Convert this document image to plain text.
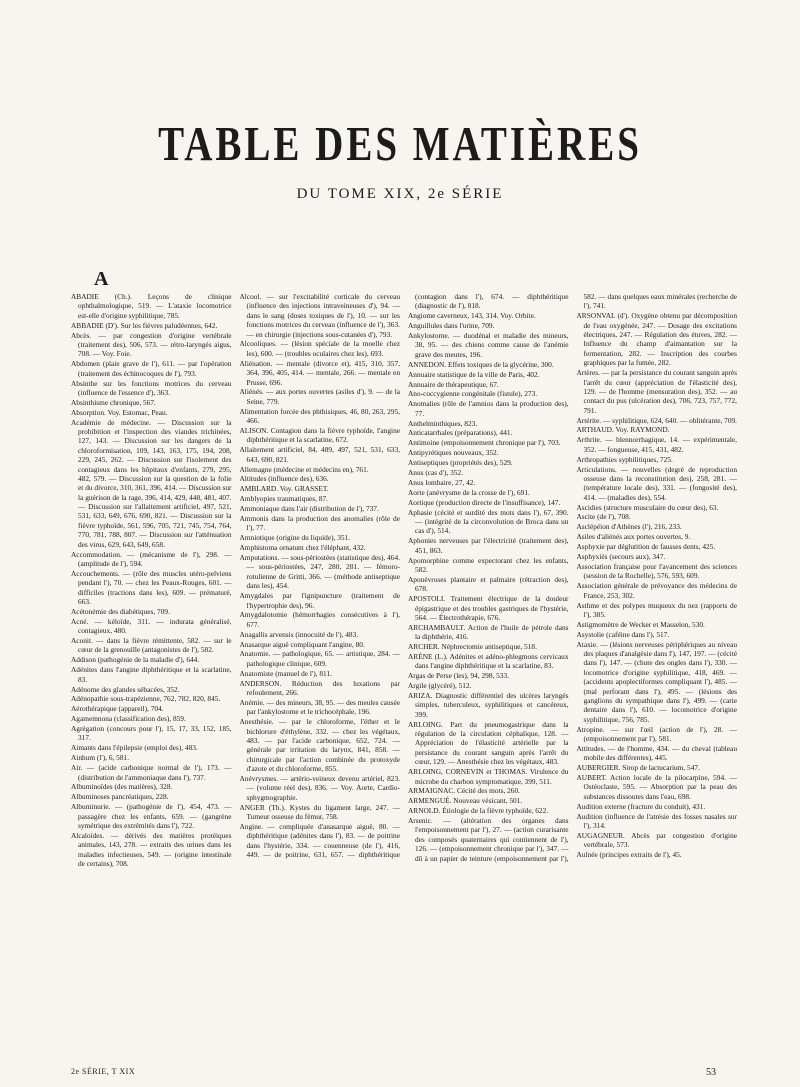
TABLE DES MATIÈRES
DU TOME XIX, 2e SÉRIE
A
ABADIE (Ch.). Leçons de clinique ophthalmologique, 519. — L'ataxie locomotrice est-elle d'origine syphilitique, 785.
ABBADIE (D'). Sur les fièvres paludéennes, 642.
Abcès. — par congestion d'origine vertébrale (traitement des), 506, 573. — rétro-laryngés aigus, 708. — Voy. Foie.
Abdomen (plaie grave de l'), 611. — par l'opération (traitement des échinocoques de l'), 793.
Absinthe sur les fonctions motrices du cerveau (influence de l'essence d'), 363.
Absinthisme chronique, 567.
Absorption. Voy. Estomac, Peau.
Académie de médecine. — Discussion sur la prohibition et l'inspection des viandes trichinées, 127, 143. — Discussion sur les dangers de la chloroformisation, 109, 143, 163, 175, 194, 208, 229, 245, 262. — Discussion sur l'isolement des contagieux dans les hôpitaux d'enfants, 279, 295, 482, 579. — Discussion sur la question de la folie et du divorce, 310, 361, 396, 414. — Discussion sur la guérison de la rage, 396, 414, 429, 448, 481, 407. — Discussion sur l'allaitement artificiel, 497, 521, 531, 633, 649, 676, 690, 821. — Discussion sur la fièvre typhoïde, 561, 596, 705, 721, 745, 754, 764, 770, 781, 788, 807. — Discussion sur l'atténuation des virus, 629, 643, 649, 658.
Accommodation. — (mécanisme de l'), 298. — (amplitude de l'), 594.
Accouchements. — (rôle des muscles utéro-pelviens pendant l'), 70. — chez les Peaux-Rouges, 601. — difficiles (tractions dans les), 609. — prématuré, 663.
Acétonémie des diabétiques, 709.
Acné. — kéloïde, 311. — indurata généralisé, contagieux, 480.
Aconit. — dans la fièvre rémittente, 582. — sur le cœur de la grenouille (antagonistes de l'), 582.
Addison (pathogénie de la maladie d'), 644.
Adénites dans l'angine diphthéritique et la scarlatine, 83.
Adénome des glandes sébacées, 352.
Adénopathie sous-trapézienne, 762, 782, 820, 845.
Aérothérapique (appareil), 704.
Agamemnona (classification des), 859.
Agrégation (concours pour l'), 15, 17, 33, 152, 185, 317.
Aimants dans l'épilepsie (emploi des), 483.
Ainhum (l'), 6, 581.
Air. — (acide carbonique normal de l'), 173. — (distribution de l'ammoniaque dans l'), 737.
Albuminoïdes (des matières), 328.
Albuminoses pancréatiques, 228.
Albuminurie. — (pathogénie de l'), 454, 473. — passagère chez les enfants, 659. — (gangrène symétrique des extrémités dans l'), 722.
Alcaloïdes. — dérivés des matières protéiques animales, 143, 278. — extraits des urines dans les maladies infectieuses, 549. — (origine intestinale de certains), 708.
Alcool. — sur l'excitabilité corticale du cerveau (influence des injections intraveineuses d'), 94. — dans le sang (doses toxiques de l'), 10. — sur les fonctions motrices du cerveau (influence de l'), 363. — en chirurgie (injections sous-cutanées d'), 793.
Alcooliques. — (lésion spéciale de la moelle chez les), 600. — (troubles oculaires chez les), 693.
Aliénation. — mentale (divorce et), 415, 310, 357, 364, 396, 405, 414. — mentale, 266. — mentale en Prusse, 696.
Aliénés. — aux portes ouvertes (asiles d'), 9. — de la Seine, 779.
Alimentation forcée des phthisiques, 46, 80, 263, 295, 466.
ALISON. Contagion dans la fièvre typhoïde, l'angine diphthéritique et la scarlatine, 672.
Allaitement artificiel, 84, 489, 497, 521, 531, 633, 643, 690, 821.
Allemagne (médecine et médecins en), 761.
Altitudes (influence des), 636.
AMBLARD. Voy. GRASSET.
Amblyopies traumatiques, 87.
Ammoniaque dans l'air (distribution de l'), 737.
Ammonis dans la production des anomalies (rôle de l'), 77.
Amniotique (origine du liquide), 351.
Amphistoma ornatum chez l'éléphant, 432.
Amputations. — sous-périostées (statistique des), 464. — sous-périostées, 247, 280, 281. — fémoro-rotulienne de Gritti, 366. — (méthode antiseptique dans les), 454.
Amygdales par l'ignipuncture (traitement de l'hypertrophie des), 96.
Amygdalotomie (hémorrhagies consécutives à l'), 677.
Anagallis arvensis (innocuité de l'), 483.
Anasarque aiguë compliquant l'angine, 80.
Anatomie. — pathologique, 65. — artistique, 284. — pathologique clinique, 609.
Anatomiste (manuel de l'), 811.
ANDERSON. Réduction des luxations par refoulement, 266.
Anémie. — des mineurs, 38, 95. — des meules causée par l'ankylostome et le trichocéphale, 196.
Anesthésie. — par le chloroforme, l'éther et le bichlorure d'éthylène, 332. — chez les végétaux, 483. — par l'acide carbonique, 652, 724. — générale par irritation du larynx, 841, 858. — chirurgicale par l'action combinée du protoxyde d'azote et du chloroforme, 855.
Anévrysmes. — artério-veineux devenu artériel, 823. — (volume réel des), 836. — Voy. Aorte, Cardio-sphygmographie.
ANGER (Th.). Kystes du ligament large, 247. — Tumeur osseuse du fémur, 758.
Angine. — compliquée d'anasarque aiguë, 80. — diphthéritique (adénites dans l'), 83. — de poitrine dans l'hystérie, 334. — couenneuse (de l'), 416, 449. — de poitrine, 631, 657. — diphthéritique (contagion dans l'), 674. — diphthéritique (diagnostic de l'), 818.
Angiome caverneux, 143, 314. Voy. Orbite.
Anguillules dans l'urine, 709.
Ankylostome. — duodénal et maladie des mineurs, 38, 95. — des chiens comme cause de l'anémie grave des meutes, 196.
ANNEDON. Effets toxiques de la glycérine, 300.
Annuaire statistique de la ville de Paris, 402.
Annuaire de thérapeutique, 67.
Ano-coccygienne congénitale (fistule), 273.
Anomalies (rôle de l'amnios dans la production des), 77.
Anthelminthiques, 823.
Anticatarrhales (préparations), 441.
Antimoine (empoisonnement chronique par l'), 703.
Antipyrétiques nouveaux, 352.
Antiseptiques (propriétés des), 529.
Anus (cas d'), 352.
Anus lombaire, 27, 42.
Aorte (anévrysme de la crosse de l'), 691.
Aortique (production directe de l'insuffisance), 147.
Aphasie (cécité et surdité des mots dans l'), 67, 390. — (intégrité de la circonvolution de Broca dans un cas d'), 514.
Aphonies nerveuses par l'électricité (traitement des), 451, 863.
Apomorphine comme expectorant chez les enfants, 582.
Aponévroses plantaire et palmaire (rétraction des), 678.
APOSTOLI. Traitement électrique de la douleur épigastrique et des troubles gastriques de l'hystérie, 564. — Électrothérapie, 676.
ARCHAMBAULT. Action de l'huile de pétrole dans la diphthérie, 416.
ARCHER. Néphrectomie antiseptique, 518.
ARÈNE (L.). Adénites et adéno-phlegmons cervicaux dans l'angine diphthéritique et la scarlatine, 83.
Argas de Perse (les), 94, 298, 533.
Argile (glycéré), 512.
ARIZA. Diagnostic différentiel des ulcères laryngés simples, tuberculeux, syphilitiques et cancéreux, 399.
ARLOING. Part du pneumogastrique dans la régulation de la circulation céphalique, 128. — Appréciation de l'élasticité artérielle par la persistance du courant sanguin après l'arrêt du cœur, 129. — Anesthésie chez les végétaux, 483.
ARLOING, CORNEVIN et THOMAS. Virulence du microbe du charbon symptomatique, 399, 511.
ARMAIGNAC. Cécité des mots, 260.
ARMENGUÉ. Nouveau vésicant, 501.
ARNOLD. Étiologie de la fièvre typhoïde, 622.
Arsenic. — (altération des organes dans l'empoisonnement par l'), 27. — (action curarisante des composés quaternaires qui contiennent de l'), 126. — (empoisonnement chronique par l'), 347. — dû à un papier de teinture (empoisonnement par l'), 582. — dans quelques eaux minérales (recherche de l'), 741.
ARSONVAL (d'). Oxygène obtenu par décomposition de l'eau oxygénée, 247. — Dosage des excitations électriques, 247. — Régulation des étuves, 282. — Influence du champ d'aimantation sur la fermentation, 282. — Inscription des courbes graphiques par la fumée, 282.
Artères. — par la persistance du courant sanguin après l'arrêt du cœur (appréciation de l'élasticité des), 129. — de l'homme (mensuration des), 352. — au contact du pus (ulcération des), 706, 723, 757, 772, 791.
Artérite. — syphilitique, 624, 640. — oblitérante, 709.
ARTHAUD. Voy. RAYMOND.
Arthrite. — blennorrhagique, 14. — expérimentale, 352. — fongueuse, 415, 431, 482.
Arthropathies syphilitiques, 725.
Articulations. — nouvelles (degré de reproduction osseuse dans la reconstitution des), 258, 281. — (température locale des), 331. — (fongosité des), 414. — (maladies des), 554.
Ascidies (structure musculaire du cœur des), 63.
Ascite (de l'), 708.
Asclépéion d'Athènes (l'), 216, 233.
Asiles d'aliénés aux portes ouvertes, 9.
Asphyxie par déglutition de fausses dents, 425.
Asphyxiés (secours aux), 347.
Association française pour l'avancement des sciences (session de la Rochelle), 576, 593, 609.
Association générale de prévoyance des médecins de France, 253, 302.
Asthme et des polypes muqueux du nez (rapports de l'), 385.
Astigmomètre de Wecker et Masselon, 530.
Asystolie (caféine dans l'), 517.
Ataxie. — (lésions nerveuses périphériques au niveau des plaques d'analgésie dans l'), 147, 197. — (cécité dans l'), 147. — (chute des ongles dans l'), 330. — locomotrice d'origine syphilitique, 418, 469. — (accidents apoplectiformes compliquant l'), 485. — (mal perforant dans l'), 495. — (lésions des ganglions du sympathique dans l'), 499. — (carie dentaire dans l'), 610. — locomotrice d'origine syphilitique, 756, 785.
Atropine. — sur l'œil (action de l'), 28. — (empoisonnement par l'), 581.
Attitudes. — de l'homme, 434. — du cheval (tableau mobile des différentes), 445.
AUBERGIER. Sirop de lactucarium, 547.
AUBERT. Action locale de la pilocarpine, 594. — Ostéoclaste, 595. — Absorption par la peau des substances dissoutes dans l'eau, 698.
Audition externe (fracture du conduit), 431.
Audition (influence de l'atrésie des fosses nasales sur l'), 314.
AUGAGNEUR. Abcès par congestion d'origine vertébrale, 573.
Aulnée (principes extraits de l'), 45.
2e SÉRIE, T XIX	53
